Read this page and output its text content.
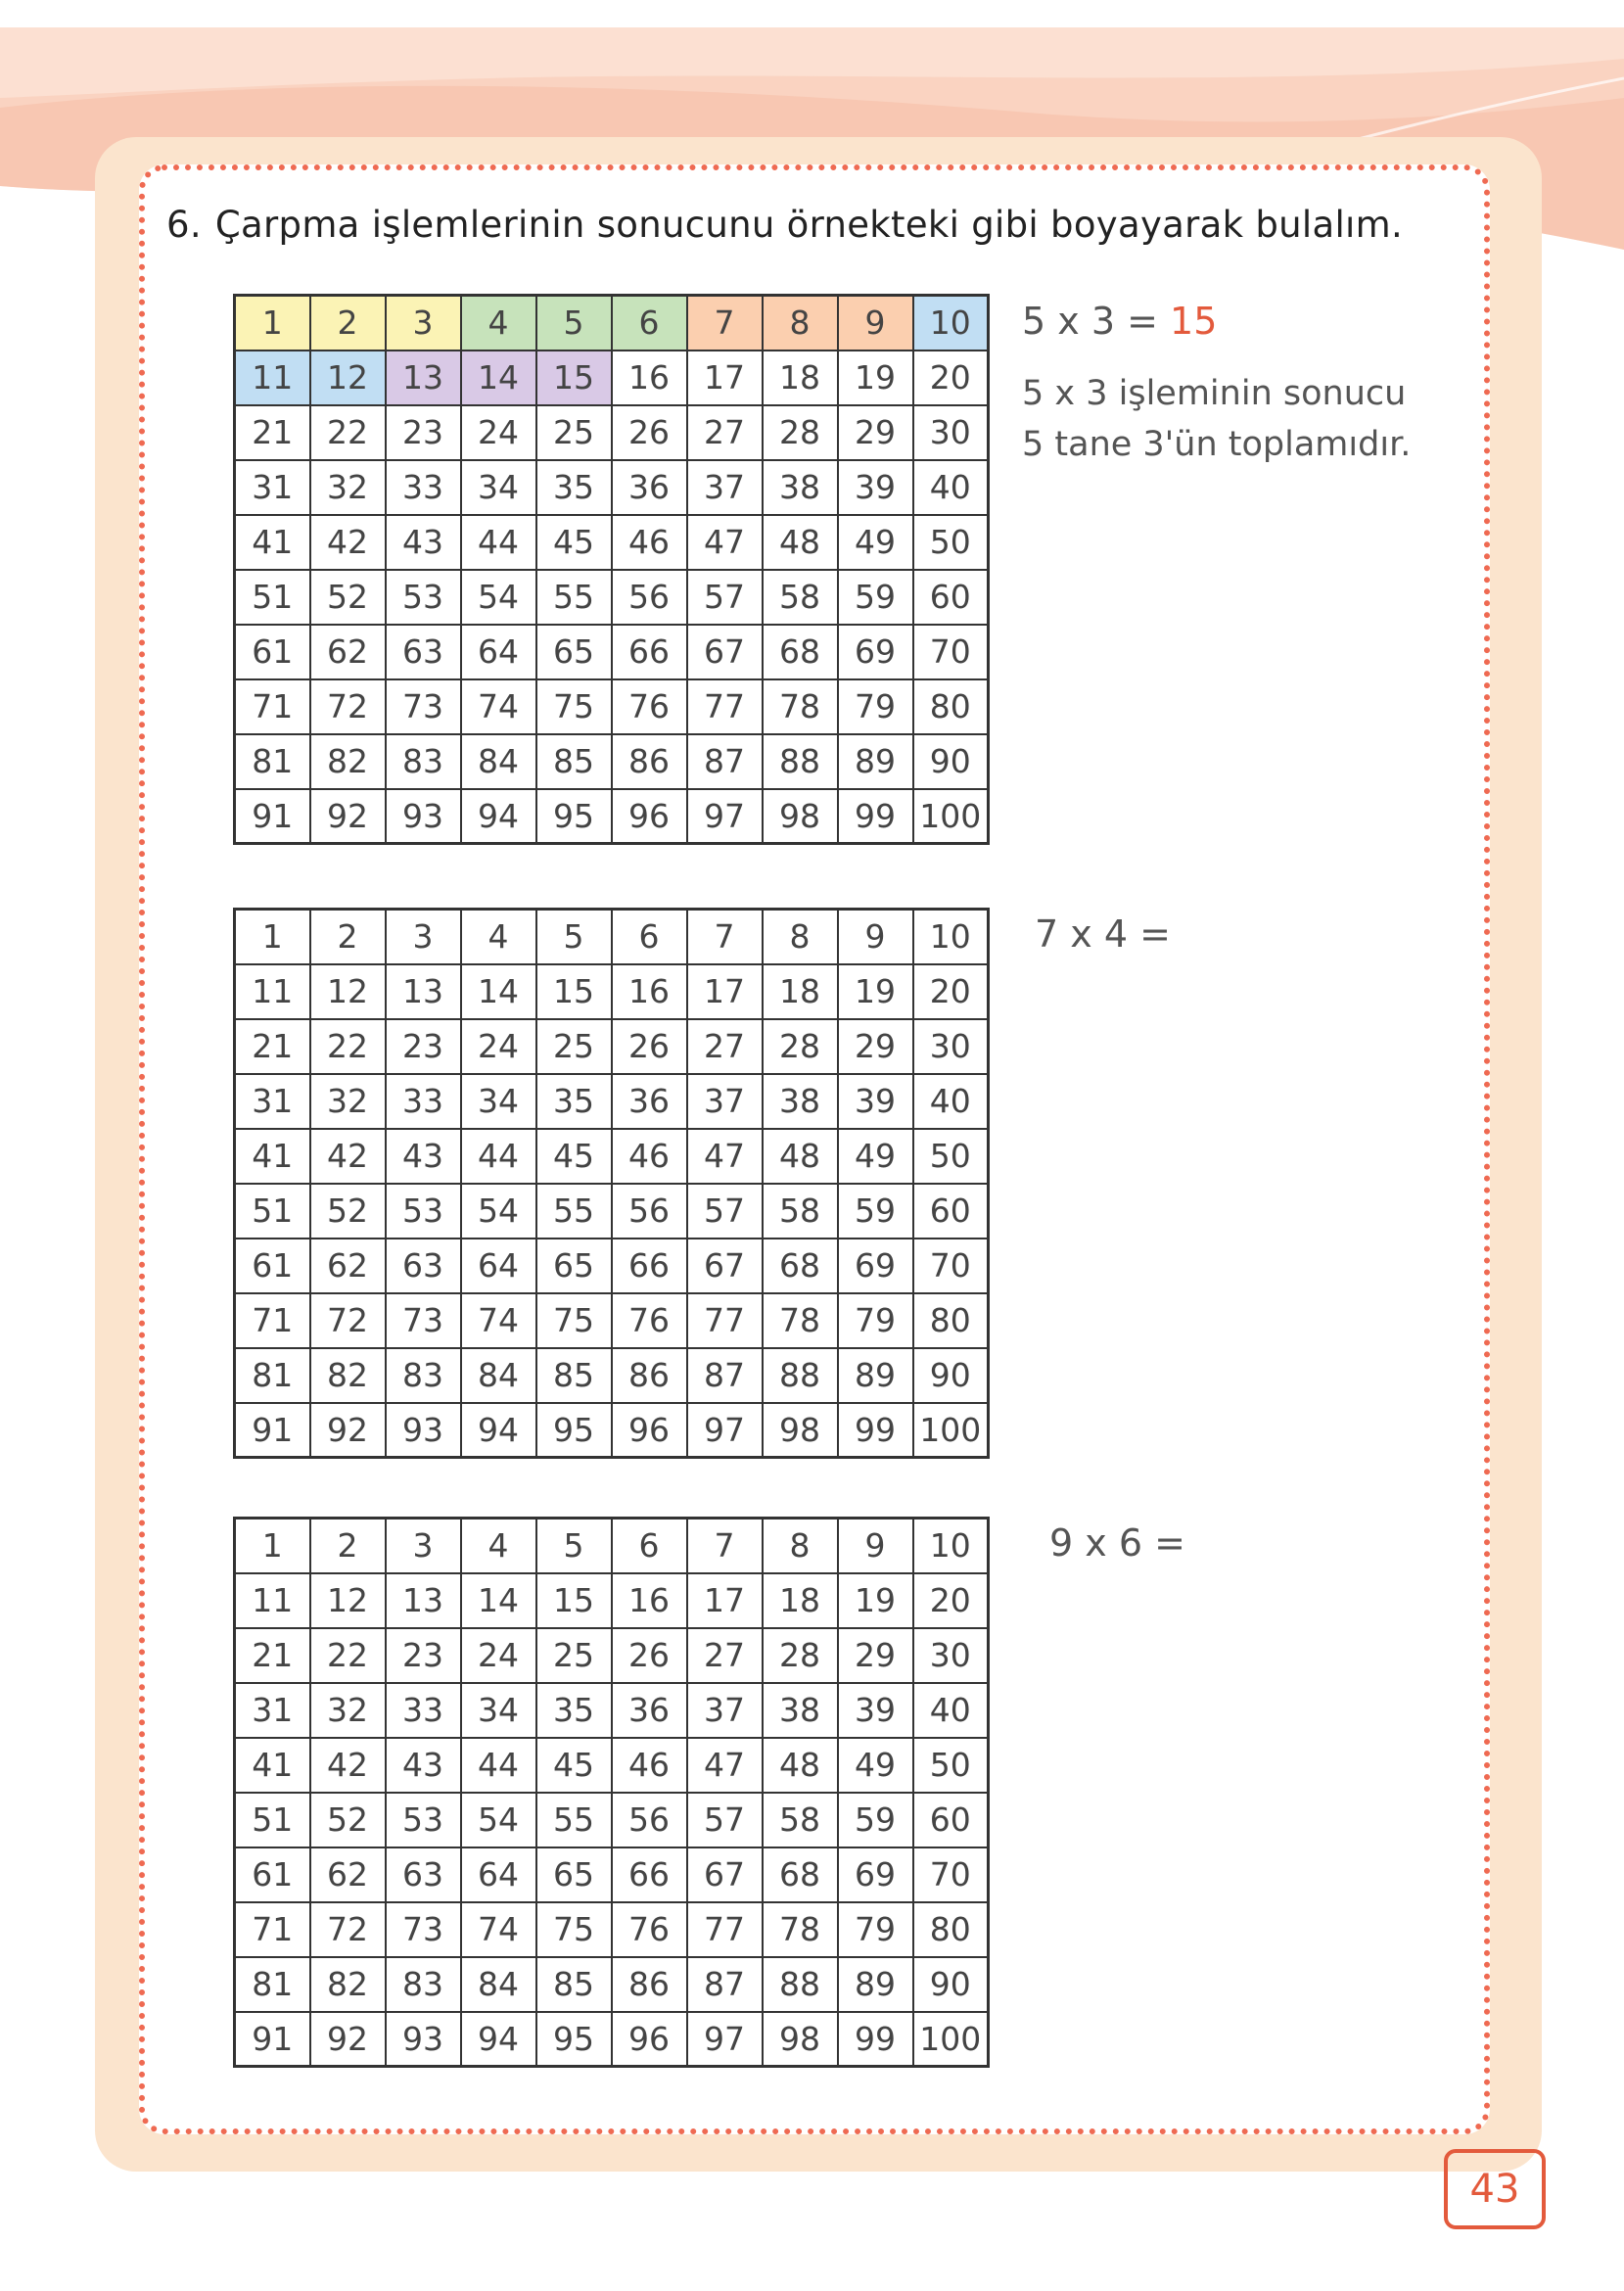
6. Çarpma işlemlerinin sonucunu örnekteki gibi boyayarak bulalım.

1	2	3	4	5	6	7	8	9	10
11	12	13	14	15	16	17	18	19	20
21	22	23	24	25	26	27	28	29	30
31	32	33	34	35	36	37	38	39	40
41	42	43	44	45	46	47	48	49	50
51	52	53	54	55	56	57	58	59	60
61	62	63	64	65	66	67	68	69	70
71	72	73	74	75	76	77	78	79	80
81	82	83	84	85	86	87	88	89	90
91	92	93	94	95	96	97	98	99	100
1	2	3	4	5	6	7	8	9	10
11	12	13	14	15	16	17	18	19	20
21	22	23	24	25	26	27	28	29	30
31	32	33	34	35	36	37	38	39	40
41	42	43	44	45	46	47	48	49	50
51	52	53	54	55	56	57	58	59	60
61	62	63	64	65	66	67	68	69	70
71	72	73	74	75	76	77	78	79	80
81	82	83	84	85	86	87	88	89	90
91	92	93	94	95	96	97	98	99	100
1	2	3	4	5	6	7	8	9	10
11	12	13	14	15	16	17	18	19	20
21	22	23	24	25	26	27	28	29	30
31	32	33	34	35	36	37	38	39	40
41	42	43	44	45	46	47	48	49	50
51	52	53	54	55	56	57	58	59	60
61	62	63	64	65	66	67	68	69	70
71	72	73	74	75	76	77	78	79	80
81	82	83	84	85	86	87	88	89	90
91	92	93	94	95	96	97	98	99	100

5 x 3 = 15

5 x 3 işleminin sonucu
5 tane 3'ün toplamıdır.

7 x 4 =

9 x 6 =

43
